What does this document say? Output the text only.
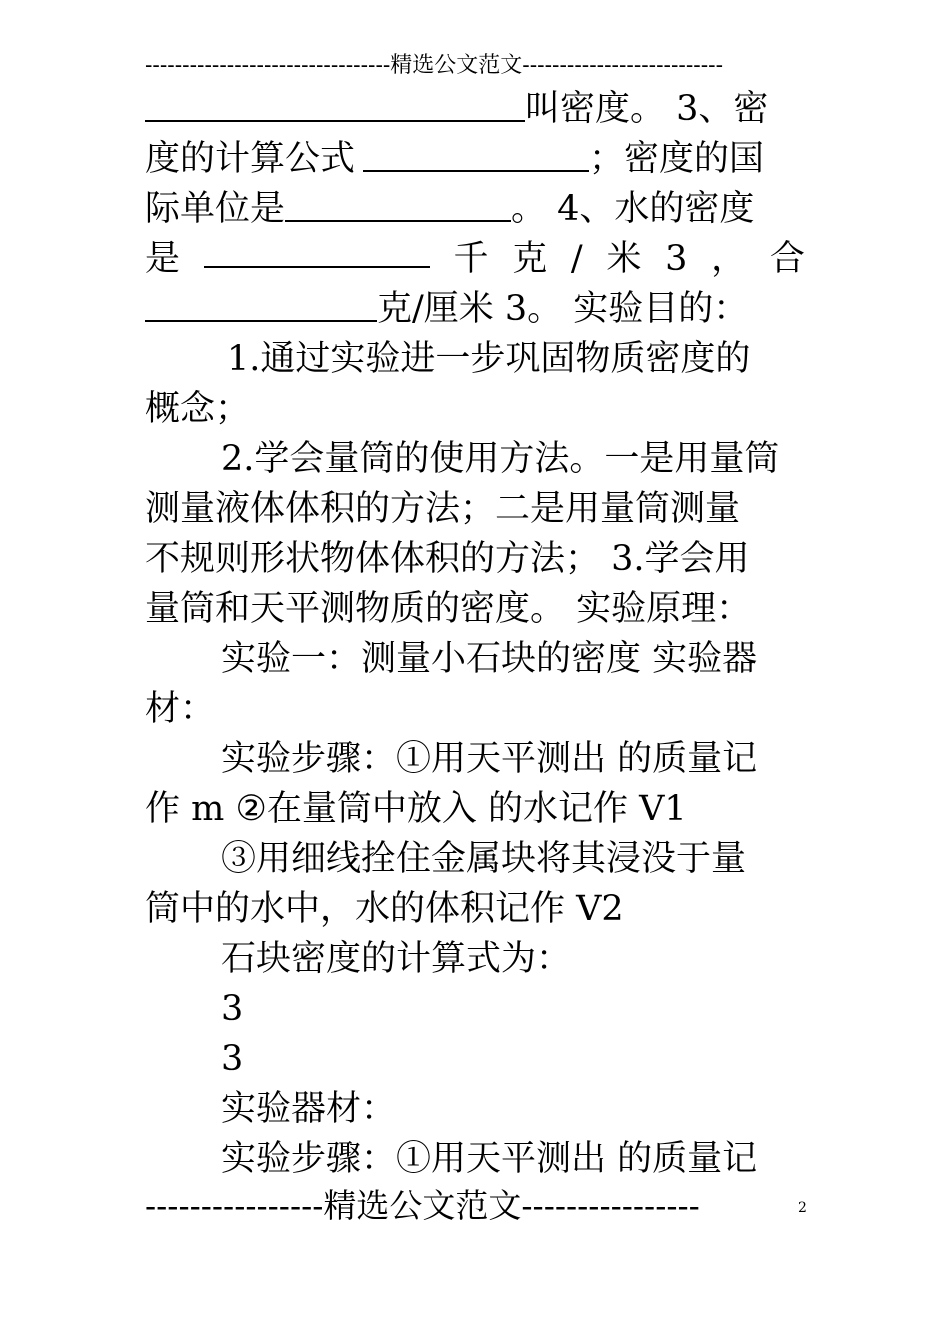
---------------------------------精选公文范文---------------------------
叫密度。 3、密
度的计算公式	；密度的国
际单位是	。 4、水的密度
是	千 克 / 米 3 ， 合
克/厘米 3。 实验目的：
1.通过实验进一步巩固物质密度的
概念；
2.学会量筒的使用方法。一是用量筒
测量液体体积的方法；二是用量筒测量
不规则形状物体体积的方法； 3.学会用
量筒和天平测物质的密度。 实验原理：
实验一：测量小石块的密度 实验器
材：
实验步骤：①用天平测出 的质量记
作 m ②在量筒中放入 的水记作 V1
③用细线拴住金属块将其浸没于量
筒中的水中，水的体积记作 V2
石块密度的计算式为：
3
3
实验器材：
实验步骤：①用天平测出 的质量记
----------------精选公文范文----------------	2
